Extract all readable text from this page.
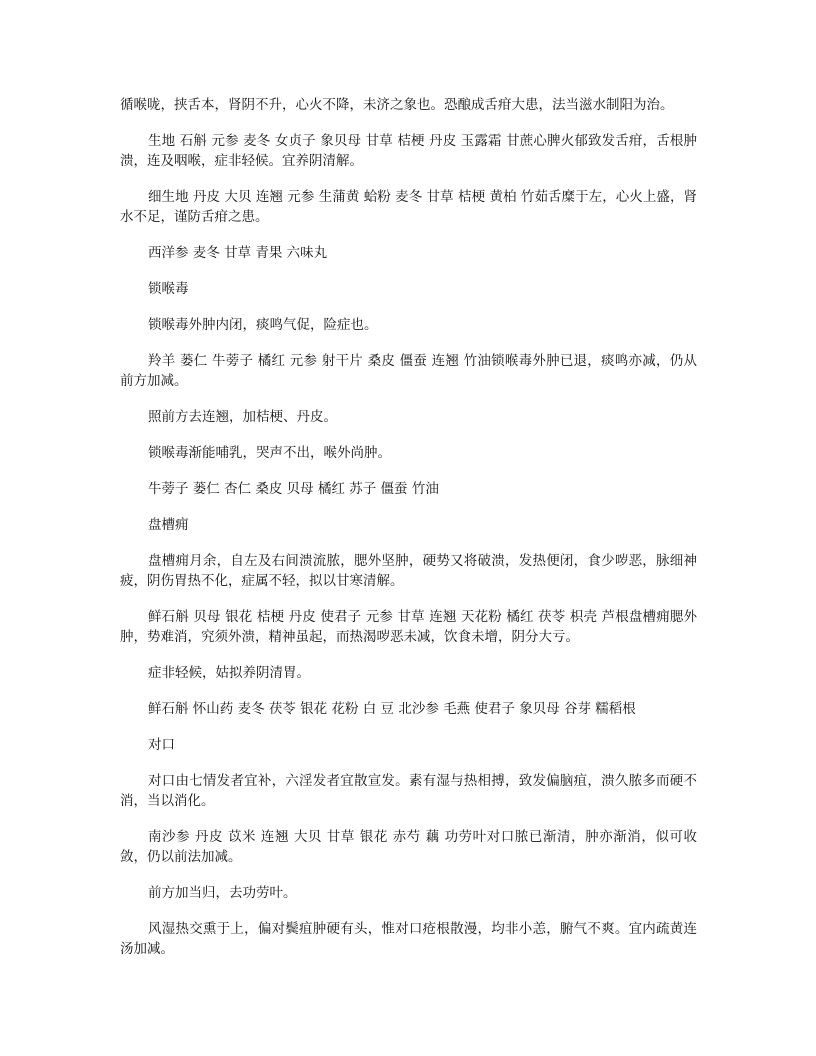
循喉咙，挟舌本，肾阴不升，心火不降，未济之象也。恐酿成舌疳大患，法当滋水制阳为治。

生地 石斛 元参 麦冬 女贞子 象贝母 甘草 桔梗 丹皮 玉露霜 甘蔗心脾火郁致发舌疳，舌根肿溃，连及咽喉，症非轻候。宜养阴清解。

细生地 丹皮 大贝 连翘 元参 生蒲黄 蛤粉 麦冬 甘草 桔梗 黄柏 竹茹舌糜于左，心火上盛，肾水不足，谨防舌疳之患。

西洋参 麦冬 甘草 青果 六味丸

锁喉毒

锁喉毒外肿内闭，痰鸣气促，险症也。

羚羊 蒌仁 牛蒡子 橘红 元参 射干片 桑皮 僵蚕 连翘 竹油锁喉毒外肿已退，痰鸣亦减，仍从前方加减。

照前方去连翘，加桔梗、丹皮。

锁喉毒渐能哺乳，哭声不出，喉外尚肿。

牛蒡子 蒌仁 杏仁 桑皮 贝母 橘红 苏子 僵蚕 竹油

盘槽痈

盘槽痈月余，自左及右间溃流脓，腮外坚肿，硬势又将破溃，发热便闭，食少哕恶，脉细神疲，阴伤胃热不化，症属不轻，拟以甘寒清解。

鲜石斛 贝母 银花 桔梗 丹皮 使君子 元参 甘草 连翘 天花粉 橘红 茯苓 枳壳 芦根盘槽痈腮外肿，势难消，究须外溃，精神虽起，而热渴哕恶未减，饮食未增，阴分大亏。

症非轻候，姑拟养阴清胃。

鲜石斛 怀山药 麦冬 茯苓 银花 花粉 白 豆 北沙参 毛燕 使君子 象贝母 谷芽 糯稻根

对口

对口由七情发者宜补，六淫发者宜散宣发。素有湿与热相搏，致发偏脑疽，溃久脓多而硬不消，当以消化。

南沙参 丹皮 苡米 连翘 大贝 甘草 银花 赤芍 藕 功劳叶对口脓已渐清，肿亦渐消，似可收敛，仍以前法加减。

前方加当归，去功劳叶。

风湿热交熏于上，偏对鬓疽肿硬有头，惟对口疮根散漫，均非小恙，腑气不爽。宜内疏黄连汤加减。
